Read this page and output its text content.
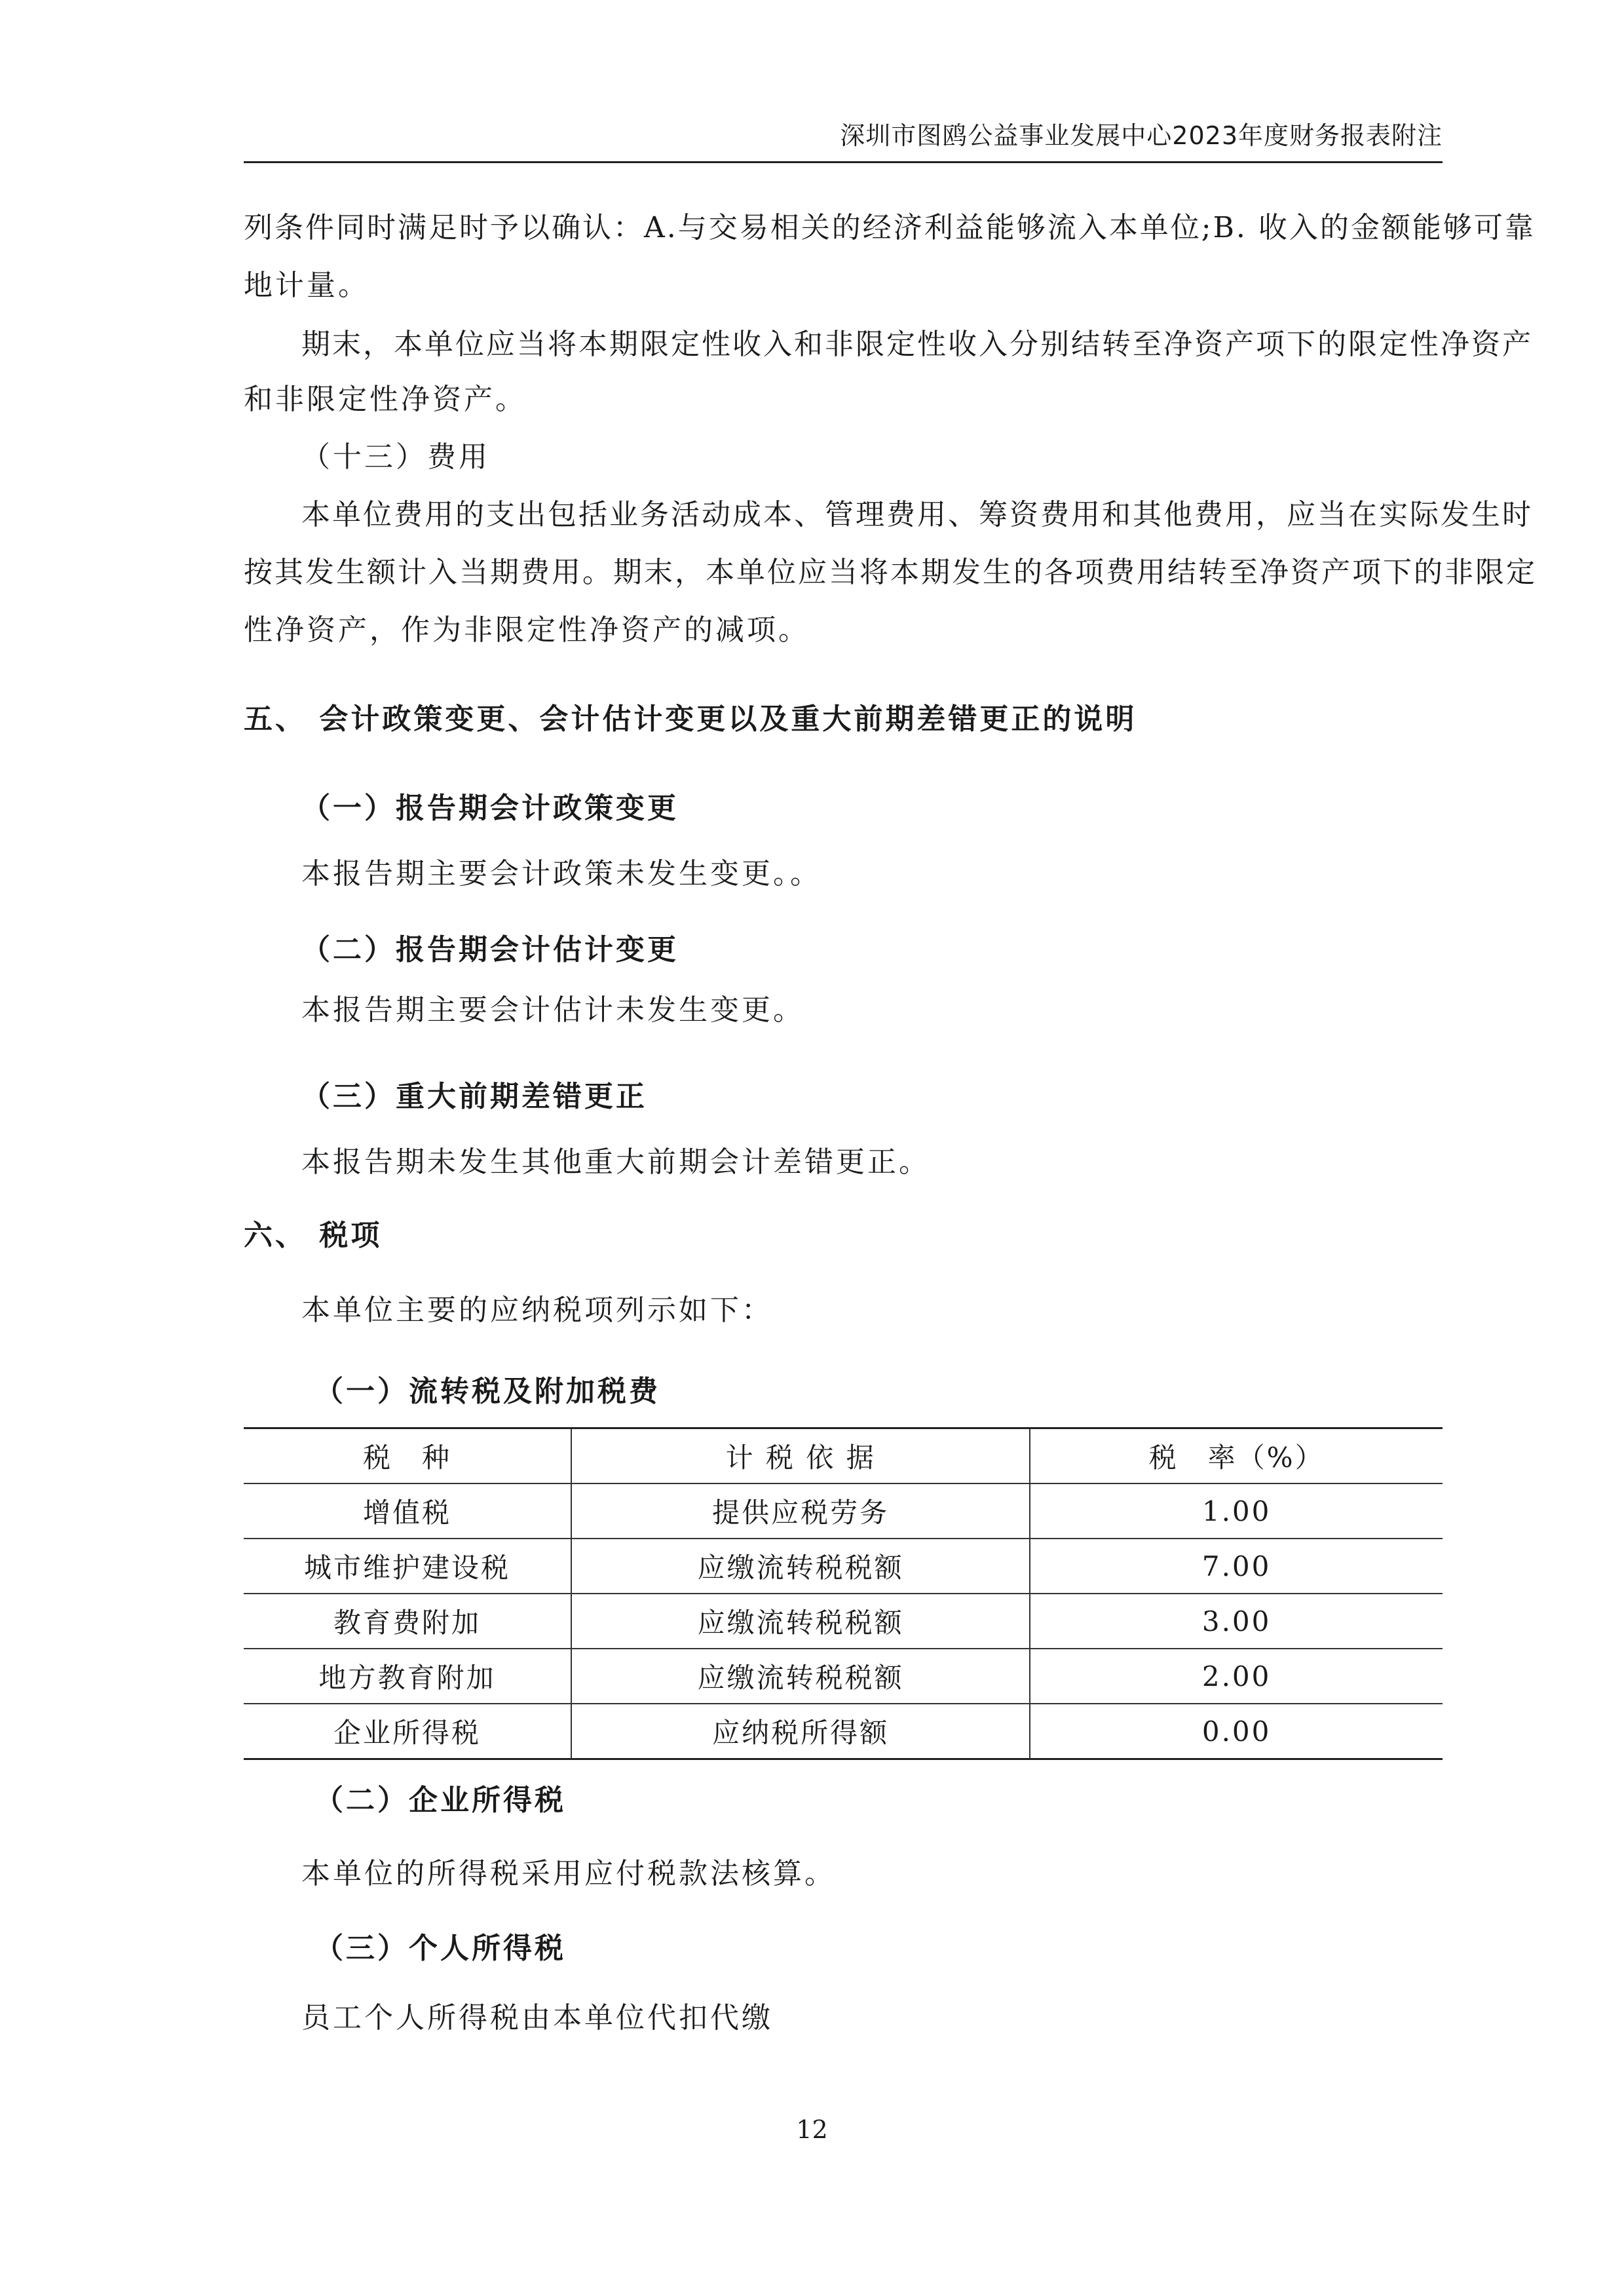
深圳市图鸥公益事业发展中心2023年度财务报表附注
列条件同时满足时予以确认：A.与交易相关的经济利益能够流入本单位;B. 收入的金额能够可靠
地计量。
期末，本单位应当将本期限定性收入和非限定性收入分别结转至净资产项下的限定性净资产
和非限定性净资产。
（十三）费用
本单位费用的支出包括业务活动成本、管理费用、筹资费用和其他费用，应当在实际发生时
按其发生额计入当期费用。期末，本单位应当将本期发生的各项费用结转至净资产项下的非限定
性净资产，作为非限定性净资产的减项。
五、 会计政策变更、会计估计变更以及重大前期差错更正的说明
（一）报告期会计政策变更
本报告期主要会计政策未发生变更。。
（二）报告期会计估计变更
本报告期主要会计估计未发生变更。
（三）重大前期差错更正
本报告期未发生其他重大前期会计差错更正。
六、 税项
本单位主要的应纳税项列示如下：
（一）流转税及附加税费
税　种	计 税 依 据	税　率（%）
增值税	提供应税劳务	1.00
城市维护建设税	应缴流转税税额	7.00
教育费附加	应缴流转税税额	3.00
地方教育附加	应缴流转税税额	2.00
企业所得税	应纳税所得额	0.00
（二）企业所得税
本单位的所得税采用应付税款法核算。
（三）个人所得税
员工个人所得税由本单位代扣代缴
12
